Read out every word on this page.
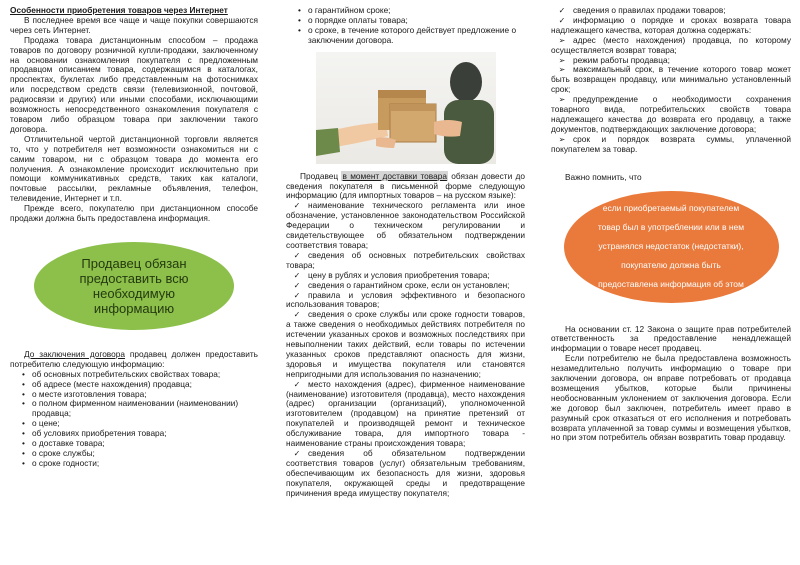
Особенности приобретения товаров через Интернет

В последнее время все чаще и чаще покупки совершаются через сеть Интернет.

Продажа товара дистанционным способом – продажа товаров по договору розничной купли-продажи, заключенному на основании ознакомления покупателя с предложенным продавцом описанием товара, содержащимся в каталогах, проспектах, буклетах либо представленным на фотоснимках или посредством средств связи (телевизионной, почтовой, радиосвязи и других) или иными способами, исключающими возможность непосредственного ознакомления покупателя с товаром либо образцом товара при заключении такого договора.

Отличительной чертой дистанционной торговли является то, что у потребителя нет возможности ознакомиться ни с самим товаром, ни с образцом товара до момента его получения. А ознакомление происходит исключительно при помощи коммуникативных средств, таких как каталоги, почтовые рассылки, рекламные объявления, телефон, телевидение, Интернет и т.п.

Прежде всего, покупателю при дистанционном способе продажи должна быть предоставлена информация.

Продавец обязан предоставить всю необходимую информацию

До заключения договора продавец должен предоставить потребителю следующую информацию:

• об основных потребительских свойствах товара;
• об адресе (месте нахождения) продавца;
• о месте изготовления товара;
• о полном фирменном наименовании (наименовании) продавца;
• о цене;
• об условиях приобретения товара;
• о доставке товара;
• о сроке службы;
• о сроке годности;
• о гарантийном сроке;
• о порядке оплаты товара;
• о сроке, в течение которого действует предложение о заключении договора.

Продавец в момент доставки товара обязан довести до сведения покупателя в письменной форме следующую информацию (для импортных товаров – на русском языке):

✓ наименование технического регламента или иное обозначение, установленное законодательством Российской Федерации о техническом регулировании и свидетельствующее об обязательном подтверждении соответствия товара;
✓ сведения об основных потребительских свойствах товара;
✓ цену в рублях и условия приобретения товара;
✓ сведения о гарантийном сроке, если он установлен;
✓ правила и условия эффективного и безопасного использования товаров;
✓ сведения о сроке службы или сроке годности товаров, а также сведения о необходимых действиях потребителя по истечении указанных сроков и возможных последствиях при невыполнении таких действий, если товары по истечении указанных сроков представляют опасность для жизни, здоровья и имущества покупателя или становятся непригодными для использования по назначению;
✓ место нахождения (адрес), фирменное наименование (наименование) изготовителя (продавца), место нахождения (адрес) организации (организаций), уполномоченной изготовителем (продавцом) на принятие претензий от покупателей и производящей ремонт и техническое обслуживание товара, для импортного товара - наименование страны происхождения товара;
✓ сведения об обязательном подтверждении соответствия товаров (услуг) обязательным требованиям, обеспечивающим их безопасность для жизни, здоровья покупателя, окружающей среды и предотвращение причинения вреда имуществу покупателя;
✓ сведения о правилах продажи товаров;
✓ информацию о порядке и сроках возврата товара надлежащего качества, которая должна содержать:
➢ адрес (место нахождения) продавца, по которому осуществляется возврат товара;
➢ режим работы продавца;
➢ максимальный срок, в течение которого товар может быть возвращен продавцу, или минимально установленный срок;
➢ предупреждение о необходимости сохранения товарного вида, потребительских свойств товара надлежащего качества до возврата его продавцу, а также документов, подтверждающих заключение договора;
➢ срок и порядок возврата суммы, уплаченной покупателем за товар.

Важно помнить, что

если приобретаемый покупателем товар был в употреблении или в нем устранялся недостаток (недостатки), покупателю должна быть предоставлена информация об этом

На основании ст. 12 Закона о защите прав потребителей ответственность за предоставление ненадлежащей информации о товаре несет продавец.

Если потребителю не была предоставлена возможность незамедлительно получить информацию о товаре при заключении договора, он вправе потребовать от продавца возмещения убытков, которые были причинены необоснованным уклонением от заключения договора. Если же договор был заключен, потребитель имеет право в разумный срок отказаться от его исполнения и потребовать возврата уплаченной за товар суммы и возмещения убытков, но при этом потребитель обязан возвратить товар продавцу.
